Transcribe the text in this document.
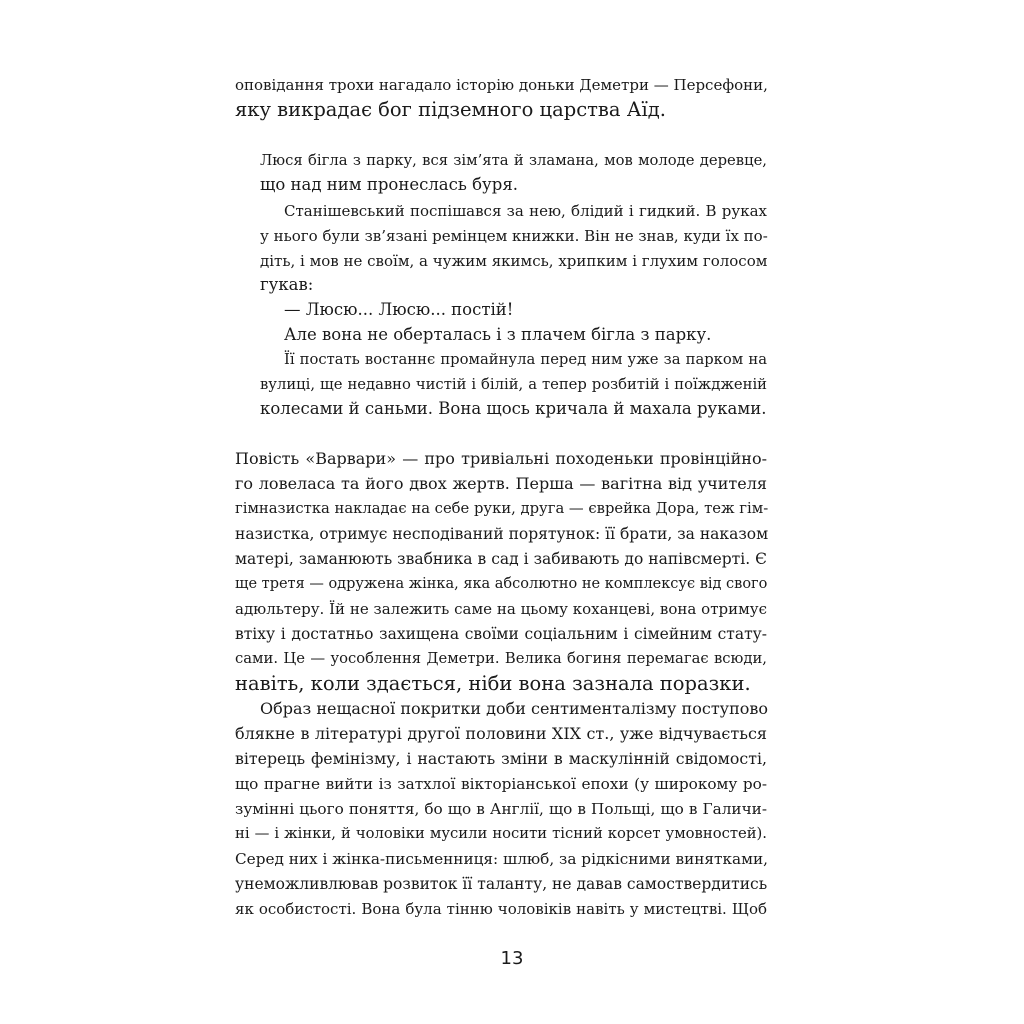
оповідання трохи нагадало історію доньки Деметри — Персефони,

яку викрадає бог підземного царства Аїд.

Люся бігла з парку, вся зім’ята й зламана, мов молоде деревце,

що над ним пронеслась буря.

Станішевський поспішався за нею, блідий і гидкий. В руках

у нього були зв’язані ремінцем книжки. Він не знав, куди їх по-

діть, і мов не своїм, а чужим якимсь, хрипким і глухим голосом

гукав:

— Люсю... Люсю... постій!

Але вона не оберталась і з плачем бігла з парку.

Її постать востаннє промайнула перед ним уже за парком на

вулиці, ще недавно чистій і білій, а тепер розбитій і поїждженій

колесами й саньми. Вона щось кричала й махала руками.

Повість «Варвари» — про тривіальні походеньки провінційно-

го ловеласа та його двох жертв. Перша — вагітна від учителя

гімназистка накладає на себе руки, друга — єврейка Дора, теж гім-

назистка, отримує несподіваний порятунок: її брати, за наказом

матері, заманюють звабника в сад і забивають до напівсмерті. Є

ще третя — одружена жінка, яка абсолютно не комплексує від свого

адюльтеру. Їй не залежить саме на цьому коханцеві, вона отримує

втіху і достатньо захищена своїми соціальним і сімейним стату-

сами. Це — уособлення Деметри. Велика богиня перемагає всюди,

навіть, коли здається, ніби вона зазнала поразки.

Образ нещасної покритки доби сентименталізму поступово

блякне в літературі другої половини XIX ст., уже відчувається

вітерець фемінізму, і настають зміни в маскулінній свідомості,

що прагне вийти із затхлої вікторіанської епохи (у широкому ро-

зумінні цього поняття, бо що в Англії, що в Польщі, що в Галичи-

ні — і жінки, й чоловіки мусили носити тісний корсет умовностей).

Серед них і жінка-письменниця: шлюб, за рідкісними винятками,

унеможливлював розвиток її таланту, не давав самоствердитись

як особистості. Вона була тінню чоловіків навіть у мистецтві. Щоб

13
